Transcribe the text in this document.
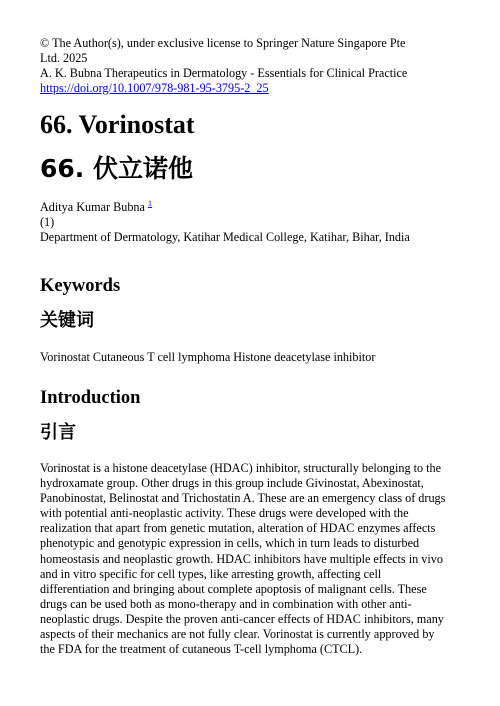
© The Author(s), under exclusive license to Springer Nature Singapore Pte
Ltd. 2025

A. K. Bubna Therapeutics in Dermatology - Essentials for Clinical Practice

https://doi.org/10.1007/978-981-95-3795-2_25

66. Vorinostat
66. 伏立诺他
Aditya Kumar Bubna $^1$
(1)
Department of Dermatology, Katihar Medical College, Katihar, Bihar, India
Keywords
关键词
Vorinostat Cutaneous T cell lymphoma Histone deacetylase inhibitor
Introduction
引言
Vorinostat is a histone deacetylase (HDAC) inhibitor, structurally belonging to the
hydroxamate group. Other drugs in this group include Givinostat, Abexinostat,
Panobinostat, Belinostat and Trichostatin A. These are an emergency class of drugs
with potential anti-neoplastic activity. These drugs were developed with the
realization that apart from genetic mutation, alteration of HDAC enzymes affects
phenotypic and genotypic expression in cells, which in turn leads to disturbed
homeostasis and neoplastic growth. HDAC inhibitors have multiple effects in vivo
and in vitro specific for cell types, like arresting growth, affecting cell
differentiation and bringing about complete apoptosis of malignant cells. These
drugs can be used both as mono-therapy and in combination with other anti-
neoplastic drugs. Despite the proven anti-cancer effects of HDAC inhibitors, many
aspects of their mechanics are not fully clear. Vorinostat is currently approved by
the FDA for the treatment of cutaneous T-cell lymphoma (CTCL).
